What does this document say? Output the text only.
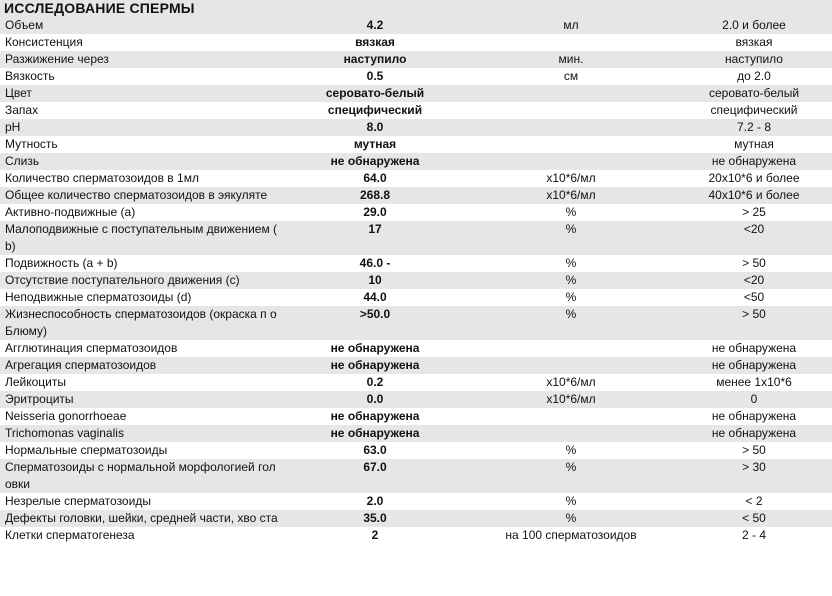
ИССЛЕДОВАНИЕ СПЕРМЫ
Объем	4.2	мл	2.0 и более
Консистенция	вязкая		вязкая
Разжижение через	наступило	мин.	наступило
Вязкость	0.5	см	до 2.0
Цвет	серовато-белый		серовато-белый
Запах	специфический		специфический
pH	8.0		7.2 - 8
Мутность	мутная		мутная
Слизь	не обнаружена		не обнаружена
Количество сперматозоидов в 1мл	64.0	x10*6/мл	20x10*6 и более
Общее количество сперматозоидов в эякуляте	268.8	x10*6/мл	40x10*6 и более
Активно-подвижные (а)	29.0	%	> 25
Малоподвижные с поступательным движением ( b)	17	%	<20
Подвижность (a + b)	46.0 -	%	> 50
Отсутствие поступательного движения (c)	10	%	<20
Неподвижные сперматозоиды (d)	44.0	%	<50
Жизнеспособность сперматозоидов (окраска п о Блюму)	>50.0	%	> 50
Агглютинация сперматозоидов	не обнаружена		не обнаружена
Агрегация сперматозоидов	не обнаружена		не обнаружена
Лейкоциты	0.2	x10*6/мл	менее 1x10*6
Эритроциты	0.0	x10*6/мл	0
Neisseria gonorrhoeae	не обнаружена		не обнаружена
Trichomonas vaginalis	не обнаружена		не обнаружена
Нормальные сперматозоиды	63.0	%	> 50
Сперматозоиды с нормальной морфологией гол овки	67.0	%	> 30
Незрелые сперматозоиды	2.0	%	< 2
Дефекты головки, шейки, средней части, хво ста	35.0	%	< 50
Клетки сперматогенеза	2	на 100 сперматозоидов	2 - 4
